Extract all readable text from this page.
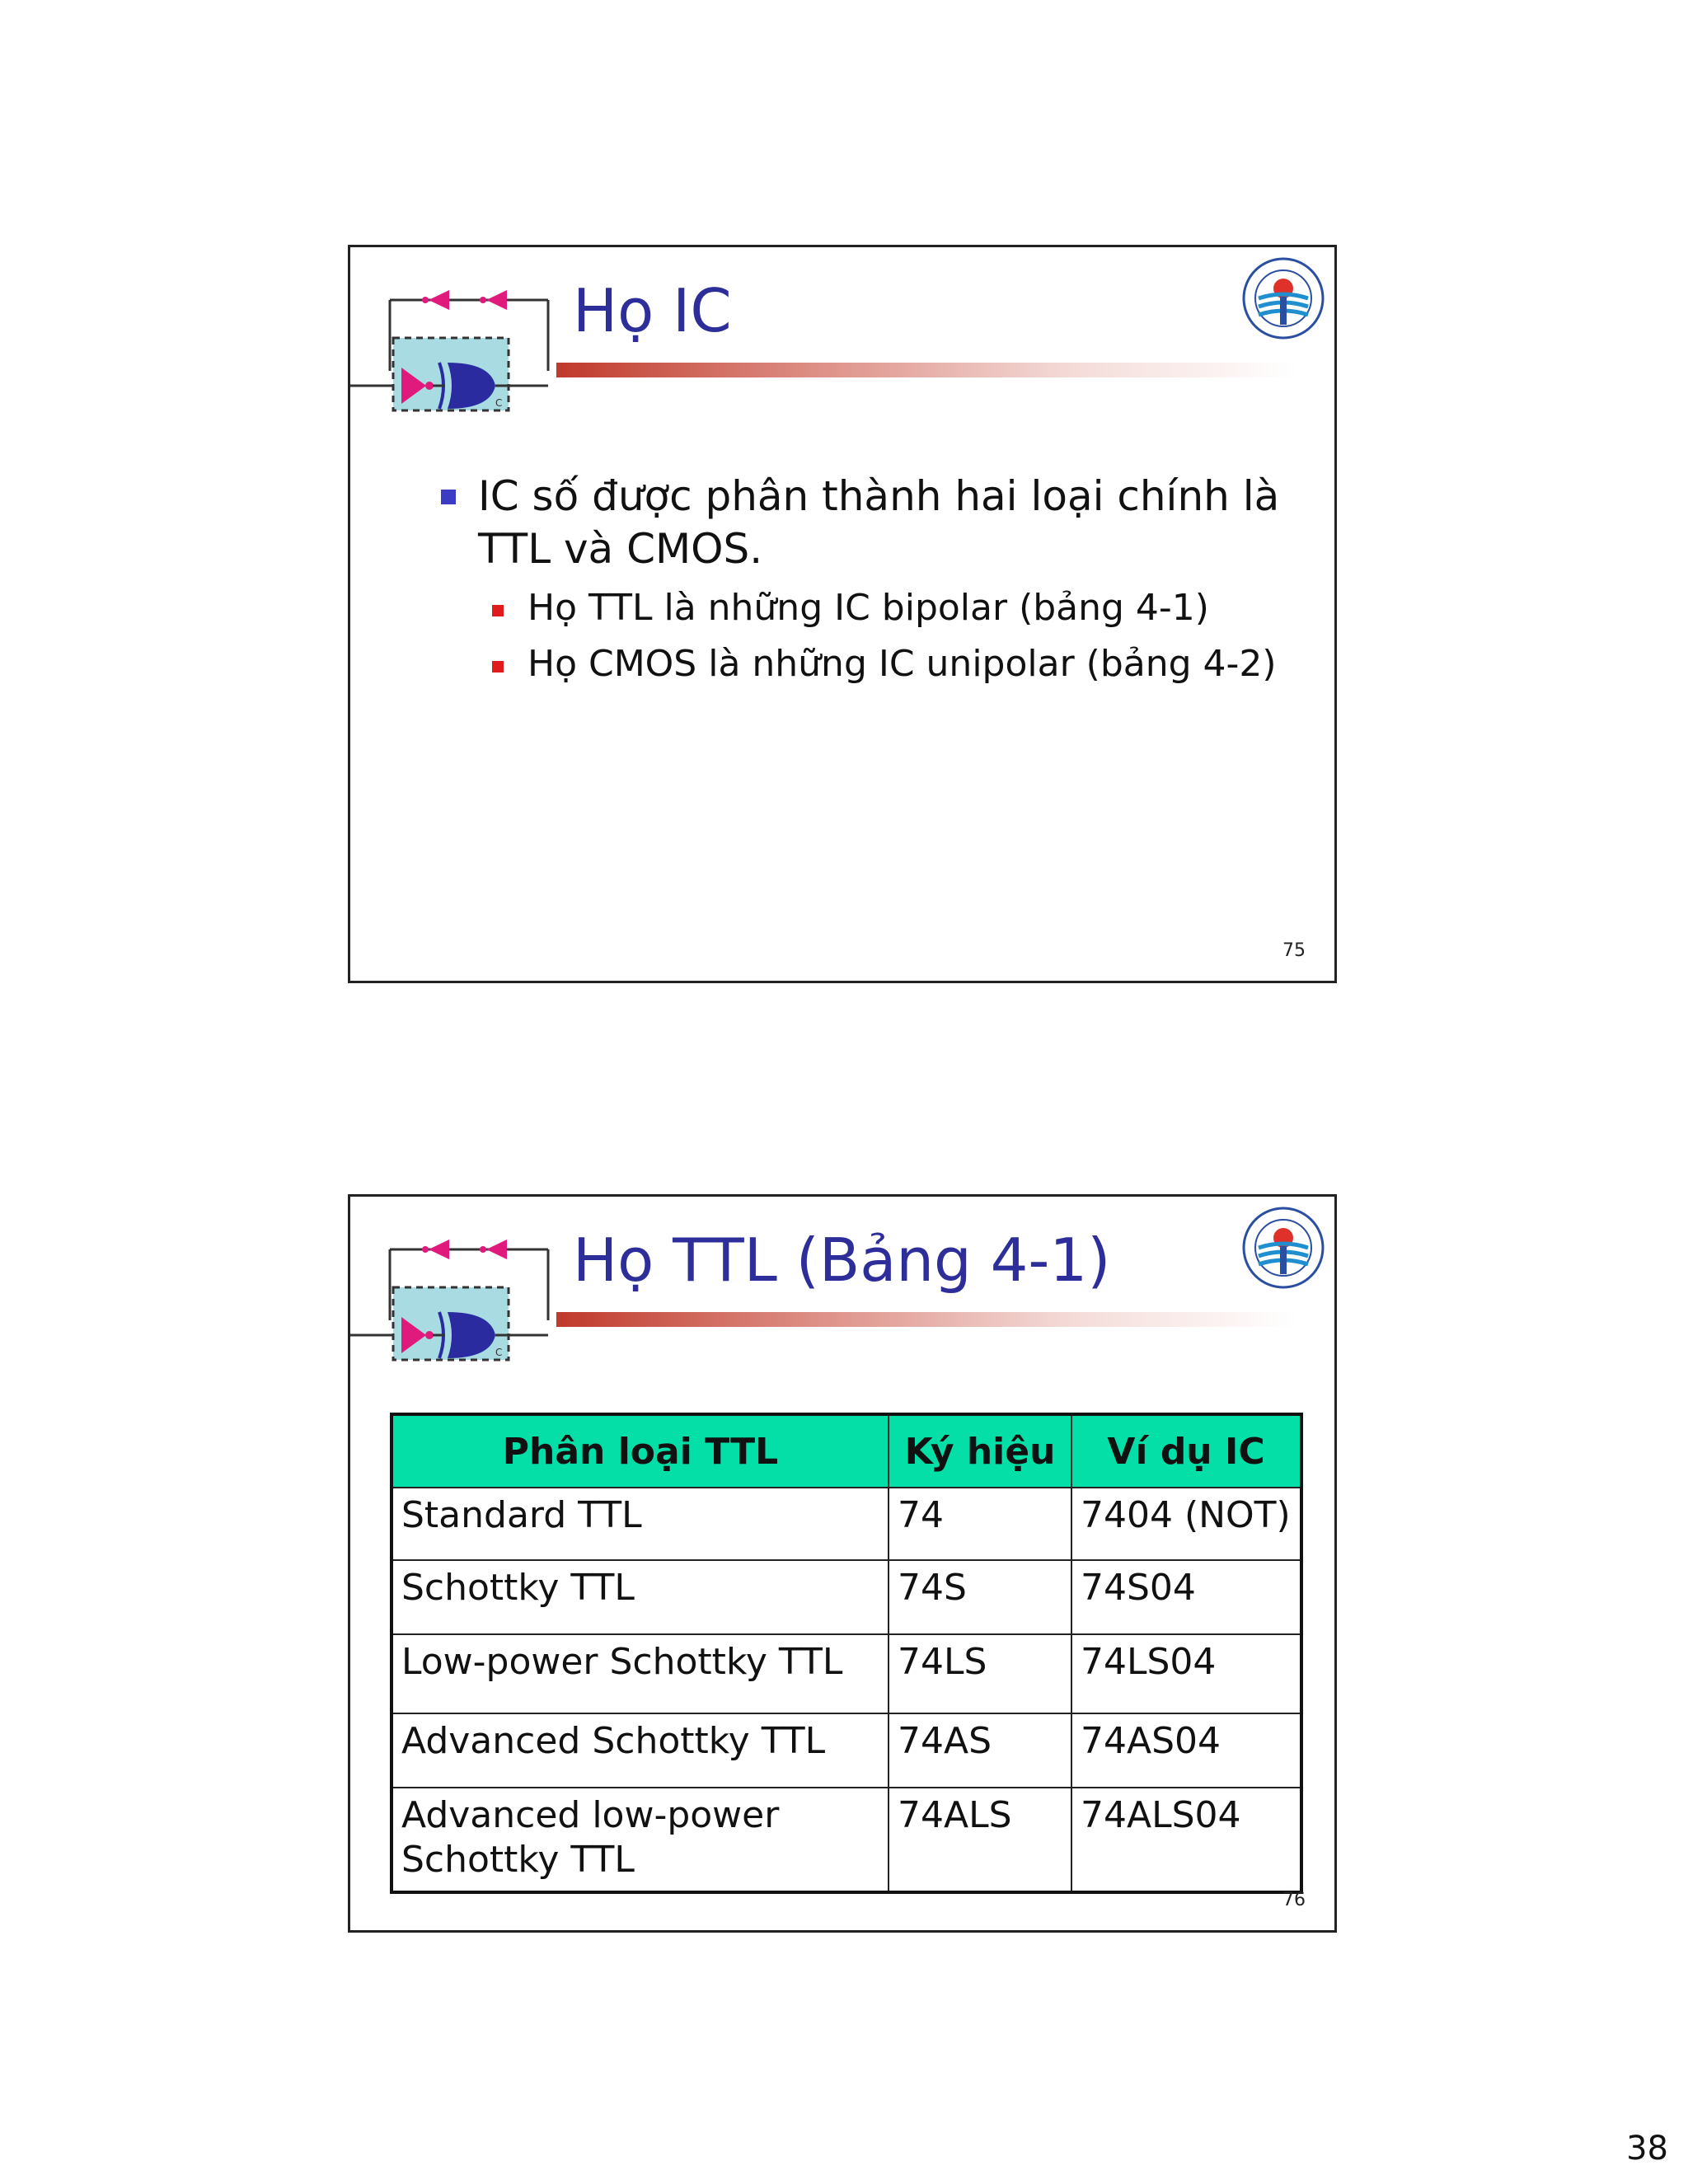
C
Họ IC
IC số được phân thành hai loại chính là TTL và CMOS.
Họ TTL là những IC bipolar (bảng 4-1)
Họ CMOS là những IC unipolar (bảng 4-2)
75
C
Họ TTL (Bảng 4-1)
Phân loại TTL	Ký hiệu	Ví dụ IC
Standard TTL	74	7404 (NOT)
Schottky TTL	74S	74S04
Low-power Schottky TTL	74LS	74LS04
Advanced Schottky TTL	74AS	74AS04
Advanced low-power Schottky TTL	74ALS	74ALS04
76
38
